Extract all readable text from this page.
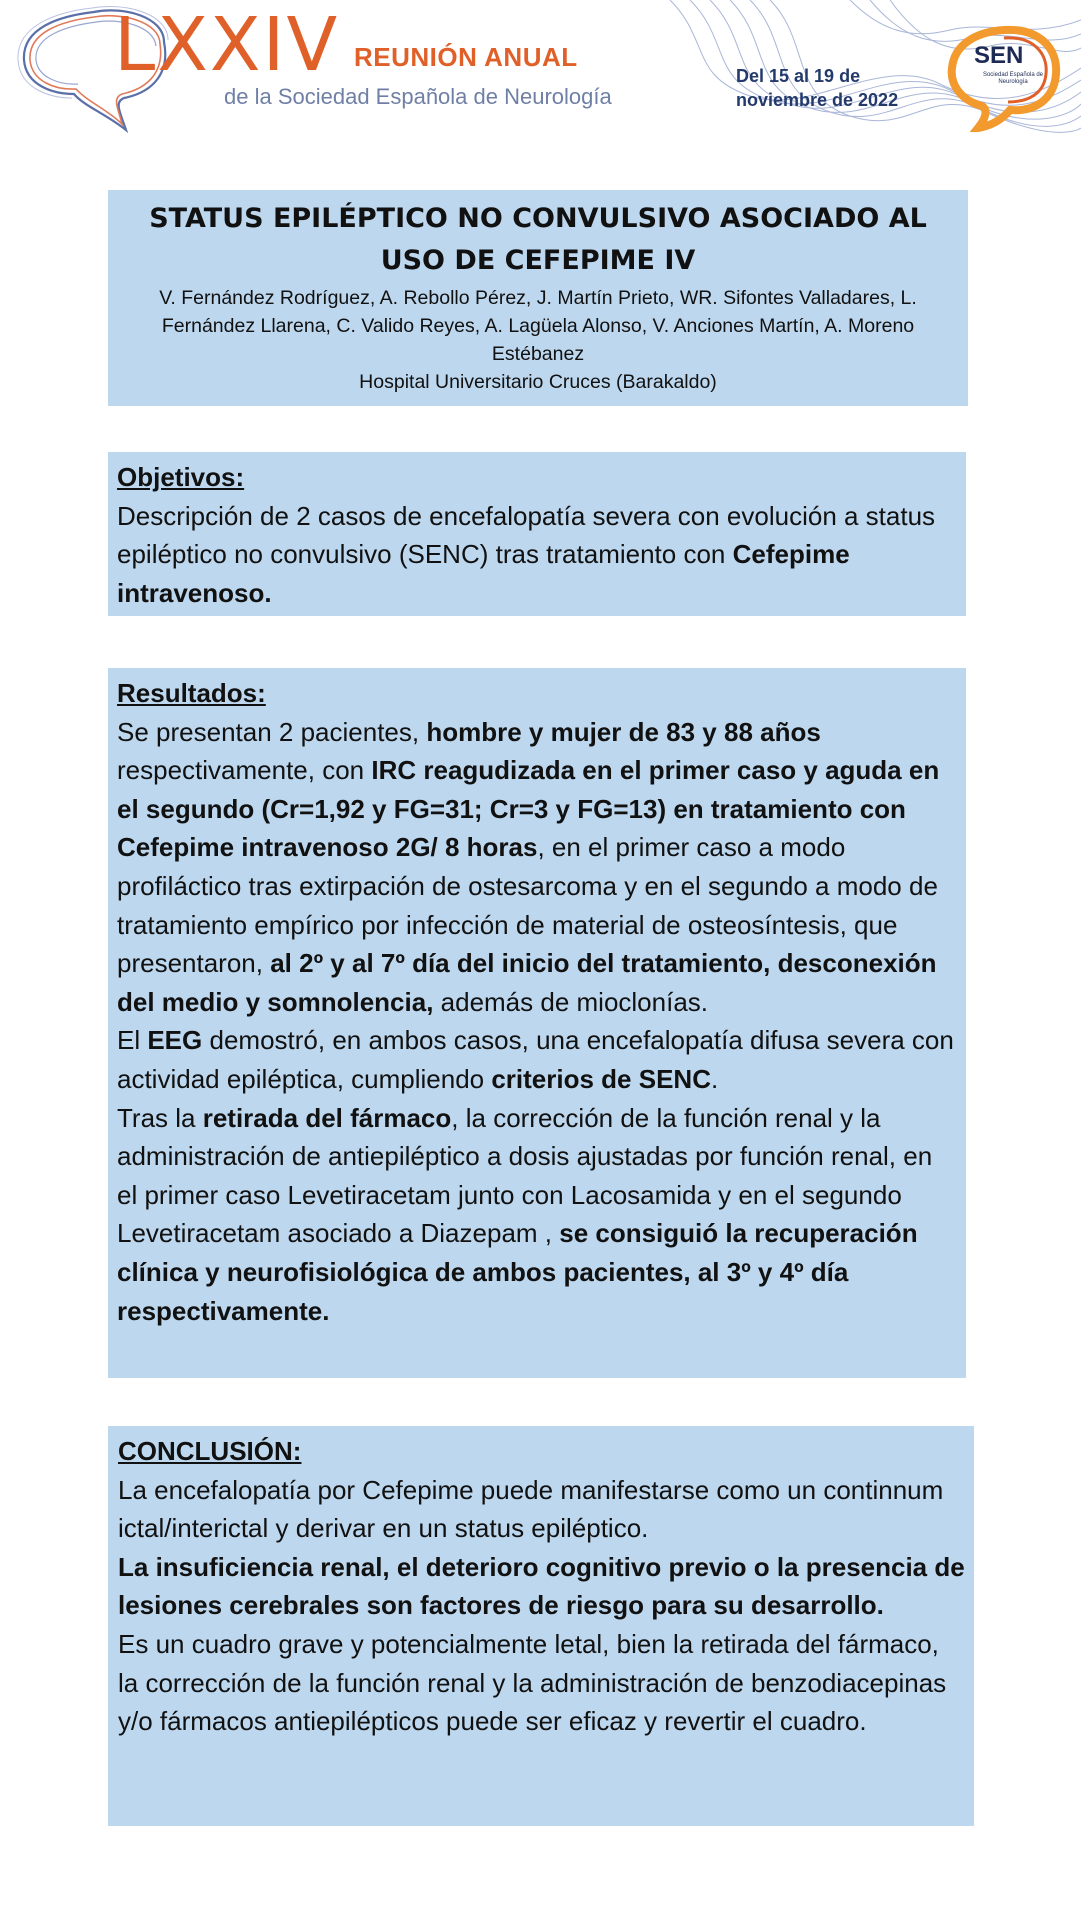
LXXIV REUNIÓN ANUAL
de la Sociedad Española de Neurología
Del 15 al 19 de
noviembre de 2022
SEN
Sociedad Española de Neurología
STATUS EPILÉPTICO NO CONVULSIVO ASOCIADO AL
USO DE CEFEPIME IV
V. Fernández Rodríguez, A. Rebollo Pérez, J. Martín Prieto, WR. Sifontes Valladares, L. Fernández Llarena, C. Valido Reyes, A. Lagüela Alonso, V. Anciones Martín, A. Moreno Estébanez
Hospital Universitario Cruces (Barakaldo)
Objetivos:
Descripción de 2 casos de encefalopatía severa con evolución a status epiléptico no convulsivo (SENC) tras tratamiento con Cefepime intravenoso.
Resultados:
Se presentan 2 pacientes, hombre y mujer de 83 y 88 años respectivamente, con IRC reagudizada en el primer caso y aguda en el segundo (Cr=1,92 y FG=31; Cr=3 y FG=13) en tratamiento con Cefepime intravenoso 2G/ 8 horas, en el primer caso a modo profiláctico tras extirpación de ostesarcoma y en el segundo a modo de tratamiento empírico por infección de material de osteosíntesis, que presentaron, al 2º y al 7º día del inicio del tratamiento, desconexión del medio y somnolencia, además de mioclonías.
El EEG demostró, en ambos casos, una encefalopatía difusa severa con actividad epiléptica, cumpliendo criterios de SENC.
Tras la retirada del fármaco, la corrección de la función renal y la administración de antiepiléptico a dosis ajustadas por función renal, en el primer caso Levetiracetam junto con Lacosamida y en el segundo Levetiracetam asociado a Diazepam , se consiguió la recuperación clínica y neurofisiológica de ambos pacientes, al 3º y 4º día respectivamente.
CONCLUSIÓN:
La encefalopatía por Cefepime puede manifestarse como un continnum ictal/interictal y derivar en un status epiléptico.
La insuficiencia renal, el deterioro cognitivo previo o la presencia de lesiones cerebrales son factores de riesgo para su desarrollo.
Es un cuadro grave y potencialmente letal, bien la retirada del fármaco, la corrección de la función renal y la administración de benzodiacepinas y/o fármacos antiepilépticos puede ser eficaz y revertir el cuadro.
